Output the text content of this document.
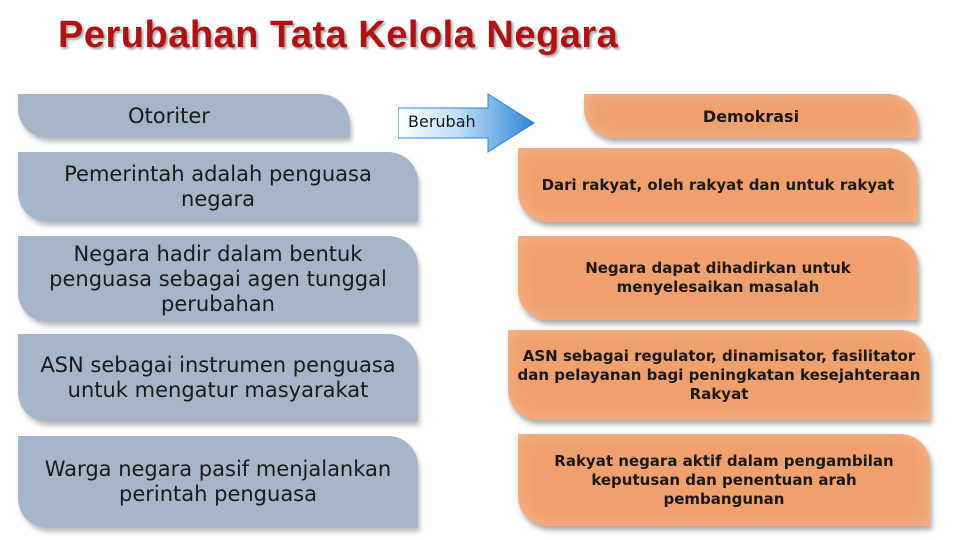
Perubahan Tata Kelola Negara
Otoriter	Berubah	Demokrasi
Pemerintah adalah penguasa negara
Negara hadir dalam bentuk penguasa sebagai agen tunggal perubahan
ASN sebagai instrumen penguasa untuk mengatur masyarakat
Warga negara pasif menjalankan perintah penguasa
Dari rakyat, oleh rakyat dan untuk rakyat
Negara dapat dihadirkan untuk menyelesaikan masalah
ASN sebagai regulator, dinamisator, fasilitator dan pelayanan bagi peningkatan kesejahteraan Rakyat
Rakyat negara aktif dalam pengambilan keputusan dan penentuan arah pembangunan
